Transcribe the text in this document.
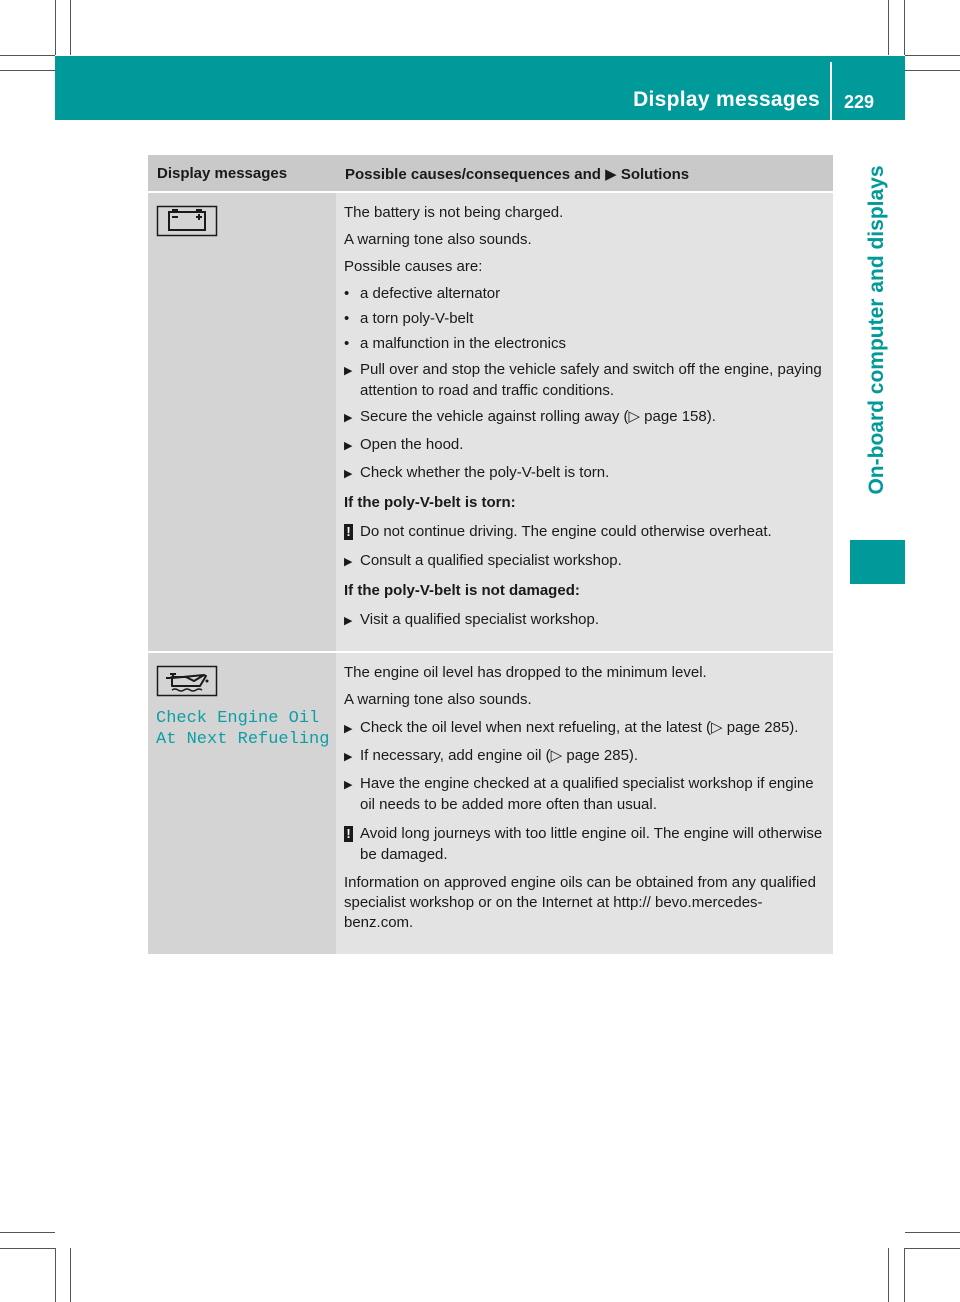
Display messages 229
On-board computer and displays
Display messages	Possible causes/consequences and ▶ Solutions
The battery is not being charged.
A warning tone also sounds.
Possible causes are:
• a defective alternator
• a torn poly-V-belt
• a malfunction in the electronics
▶ Pull over and stop the vehicle safely and switch off the engine, paying attention to road and traffic conditions.
▶ Secure the vehicle against rolling away (▷ page 158).
▶ Open the hood.
▶ Check whether the poly-V-belt is torn.
If the poly-V-belt is torn:
! Do not continue driving. The engine could otherwise overheat.
▶ Consult a qualified specialist workshop.
If the poly-V-belt is not damaged:
▶ Visit a qualified specialist workshop.
Check Engine Oil
At Next Refueling
The engine oil level has dropped to the minimum level.
A warning tone also sounds.
▶ Check the oil level when next refueling, at the latest (▷ page 285).
▶ If necessary, add engine oil (▷ page 285).
▶ Have the engine checked at a qualified specialist workshop if engine oil needs to be added more often than usual.
! Avoid long journeys with too little engine oil. The engine will otherwise be damaged.
Information on approved engine oils can be obtained from any qualified specialist workshop or on the Internet at http:// bevo.mercedes-benz.com.
